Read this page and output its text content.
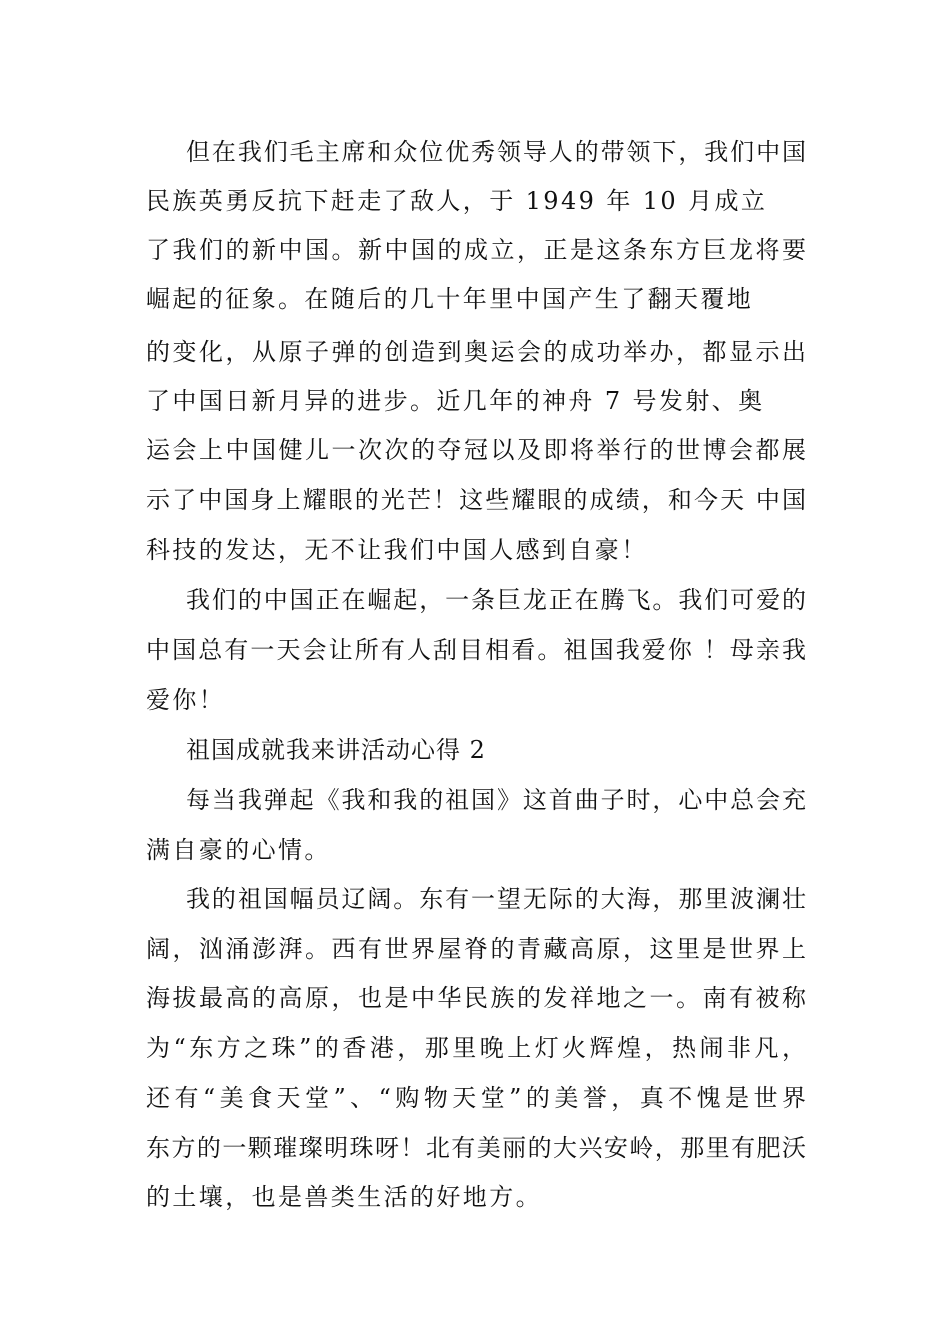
但在我们毛主席和众位优秀领导人的带领下，我们中国
民族英勇反抗下赶走了敌人，于 1949 年 10 月成立
了我们的新中国。新中国的成立，正是这条东方巨龙将要
崛起的征象。在随后的几十年里中国产生了翻天覆地
的变化，从原子弹的创造到奥运会的成功举办，都显示出
了中国日新月异的进步。近几年的神舟 7 号发射、奥
运会上中国健儿一次次的夺冠以及即将举行的世博会都展
示了中国身上耀眼的光芒！这些耀眼的成绩，和今天 中国
科技的发达，无不让我们中国人感到自豪！
我们的中国正在崛起，一条巨龙正在腾飞。我们可爱的
中国总有一天会让所有人刮目相看。祖国我爱你 ！母亲我
爱你！
祖国成就我来讲活动心得 2
每当我弹起《我和我的祖国》这首曲子时，心中总会充
满自豪的心情。
我的祖国幅员辽阔。东有一望无际的大海，那里波澜壮
阔，汹涌澎湃。西有世界屋脊的青藏高原，这里是世界上
海拔最高的高原，也是中华民族的发祥地之一。南有被称
为“东方之珠”的香港，那里晚上灯火辉煌，热闹非凡，
还有“美食天堂”、“购物天堂”的美誉，真不愧是世界
东方的一颗璀璨明珠呀！北有美丽的大兴安岭，那里有肥沃
的土壤，也是兽类生活的好地方。
